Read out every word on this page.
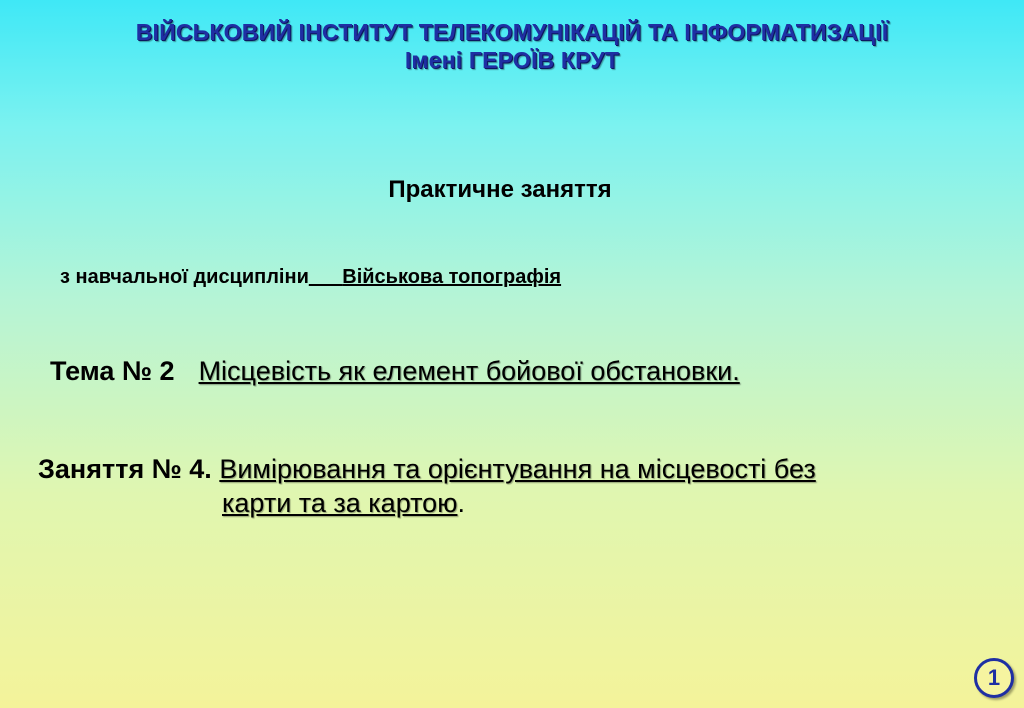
ВІЙСЬКОВИЙ ІНСТИТУТ ТЕЛЕКОМУНІКАЦІЙ ТА ІНФОРМАТИЗАЦІЇ
Імені ГЕРОЇВ КРУТ
Практичне заняття
з навчальної дисципліни___Військова топографія
Тема № 2 Місцевість як елемент бойової обстановки.
Заняття № 4. Вимірювання та орієнтування на місцевості без
карти та за картою.
1
